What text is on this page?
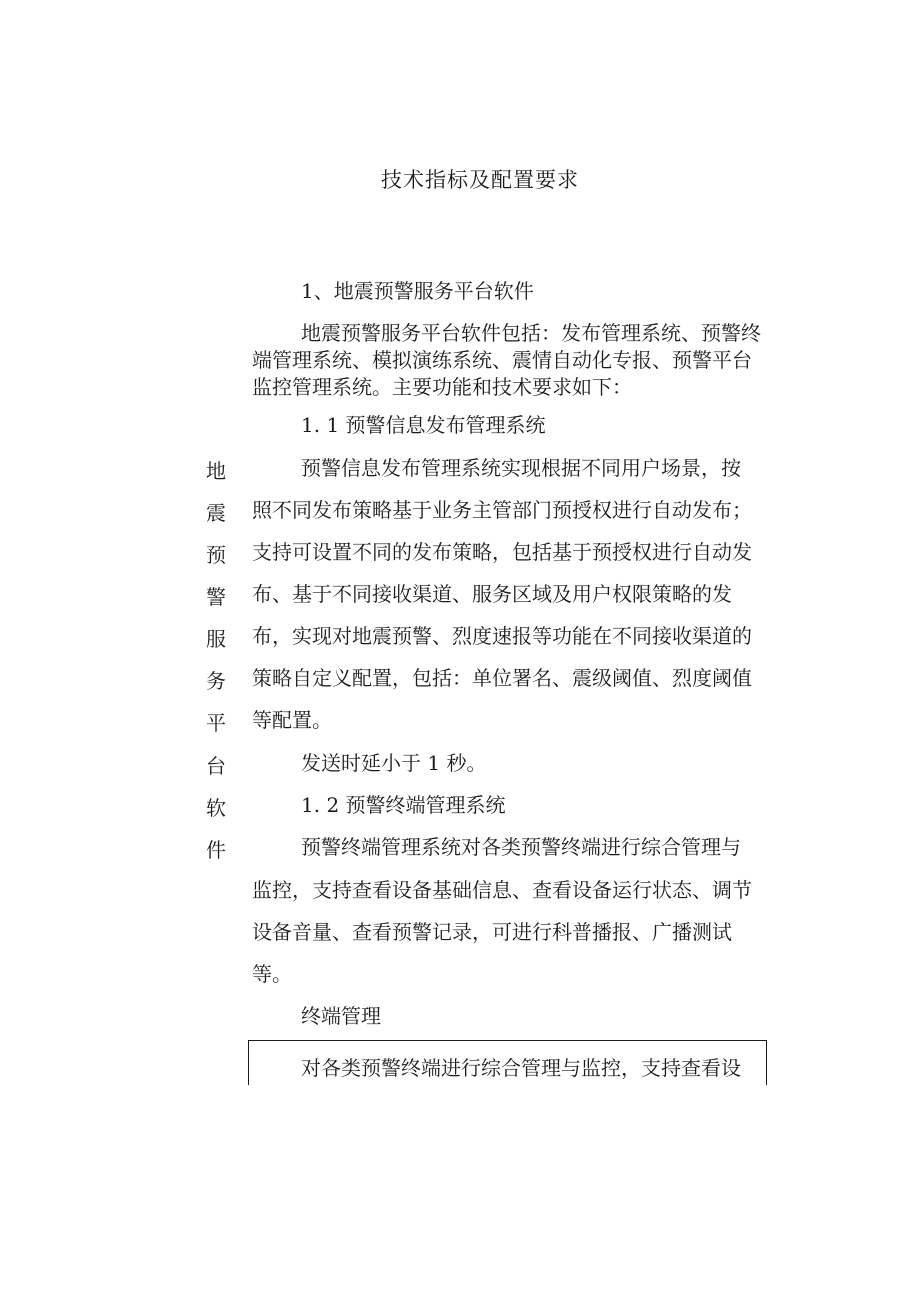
技术指标及配置要求
1、地震预警服务平台软件
地震预警服务平台软件包括：发布管理系统、预警终
端管理系统、模拟演练系统、震情自动化专报、预警平台
监控管理系统。主要功能和技术要求如下：
1. 1 预警信息发布管理系统
预警信息发布管理系统实现根据不同用户场景，按
照不同发布策略基于业务主管部门预授权进行自动发布；
支持可设置不同的发布策略，包括基于预授权进行自动发
布、基于不同接收渠道、服务区域及用户权限策略的发
布，实现对地震预警、烈度速报等功能在不同接收渠道的
策略自定义配置，包括：单位署名、震级阈值、烈度阈值
等配置。
发送时延小于 1 秒。
1. 2 预警终端管理系统
预警终端管理系统对各类预警终端进行综合管理与
监控，支持查看设备基础信息、查看设备运行状态、调节
设备音量、查看预警记录，可进行科普播报、广播测试
等。
终端管理
对各类预警终端进行综合管理与监控，支持查看设
地
震
预
警
服
务
平
台
软
件
